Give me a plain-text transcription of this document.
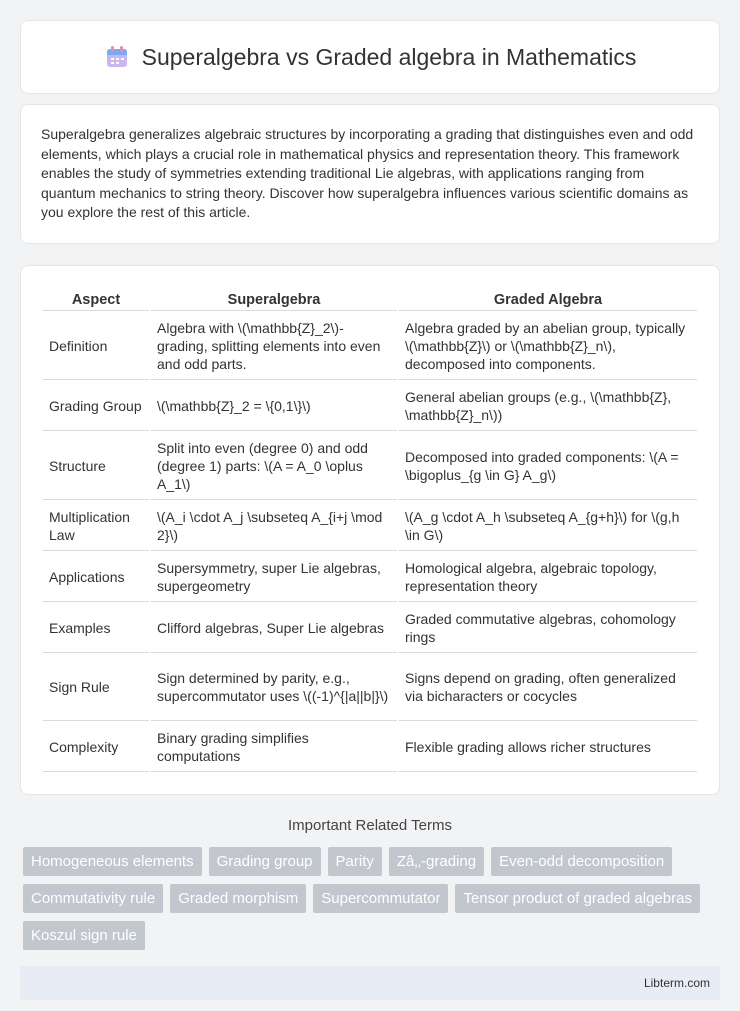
Superalgebra vs Graded algebra in Mathematics

Superalgebra generalizes algebraic structures by incorporating a grading that distinguishes even and odd elements, which plays a crucial role in mathematical physics and representation theory. This framework enables the study of symmetries extending traditional Lie algebras, with applications ranging from quantum mechanics to string theory. Discover how superalgebra influences various scientific domains as you explore the rest of this article.

Aspect	Superalgebra	Graded Algebra
Definition	Algebra with \(\mathbb{Z}_2\)-grading, splitting elements into even and odd parts.	Algebra graded by an abelian group, typically \(\mathbb{Z}\) or \(\mathbb{Z}_n\), decomposed into components.
Grading Group	\(\mathbb{Z}_2 = \{0,1\}\)	General abelian groups (e.g., \(\mathbb{Z}, \mathbb{Z}_n\))
Structure	Split into even (degree 0) and odd (degree 1) parts: \(A = A_0 \oplus A_1\)	Decomposed into graded components: \(A = \bigoplus_{g \in G} A_g\)
Multiplication Law	\(A_i \cdot A_j \subseteq A_{i+j \mod 2}\)	\(A_g \cdot A_h \subseteq A_{g+h}\) for \(g,h \in G\)
Applications	Supersymmetry, super Lie algebras, supergeometry	Homological algebra, algebraic topology, representation theory
Examples	Clifford algebras, Super Lie algebras	Graded commutative algebras, cohomology rings
Sign Rule	Sign determined by parity, e.g., supercommutator uses \((-1)^{|a||b|}\)	Signs depend on grading, often generalized via bicharacters or cocycles
Complexity	Binary grading simplifies computations	Flexible grading allows richer structures
Important Related Terms
Homogeneous elements	Grading group	Parity	Zâ‚‚-grading	Even-odd decomposition
Commutativity rule	Graded morphism	Supercommutator	Tensor product of graded algebras
Koszul sign rule
Libterm.com
